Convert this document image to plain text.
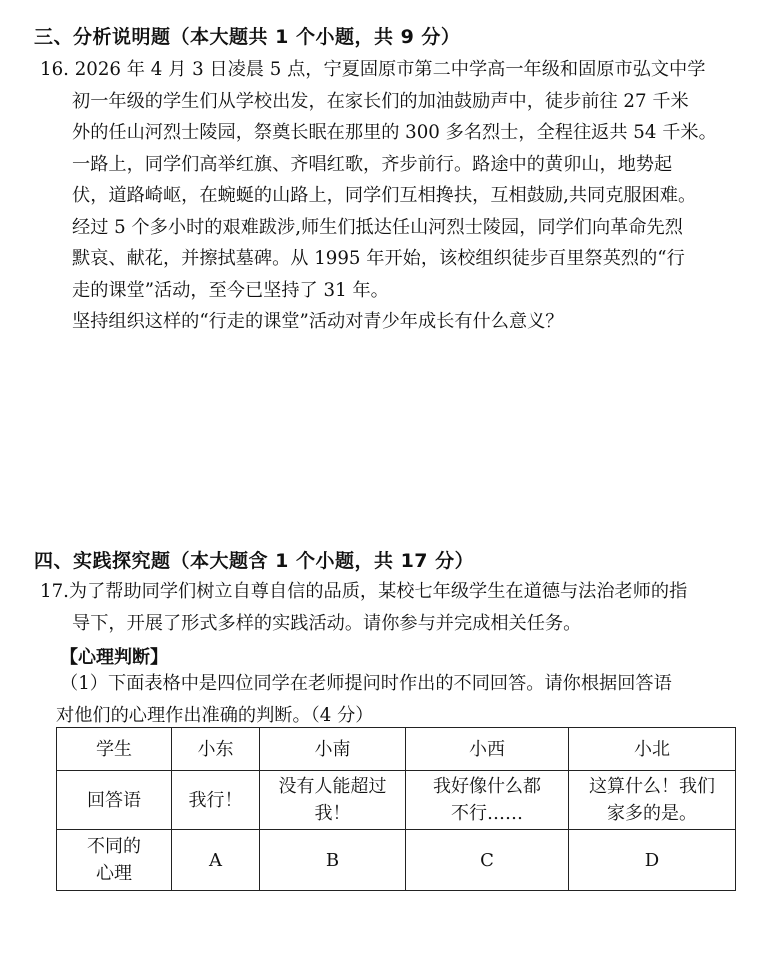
三、分析说明题（本大题共 1 个小题，共 9 分）

16. 2026 年 4 月 3 日凌晨 5 点，宁夏固原市第二中学高一年级和固原市弘文中学

初一年级的学生们从学校出发，在家长们的加油鼓励声中，徒步前往 27 千米

外的任山河烈士陵园，祭奠长眠在那里的 300 多名烈士，全程往返共 54 千米。

一路上，同学们高举红旗、齐唱红歌，齐步前行。路途中的黄卯山，地势起

伏，道路崎岖，在蜿蜒的山路上，同学们互相搀扶，互相鼓励,共同克服困难。

经过 5 个多小时的艰难跋涉,师生们抵达任山河烈士陵园，同学们向革命先烈

默哀、献花，并擦拭墓碑。从 1995 年开始，该校组织徒步百里祭英烈的“行

走的课堂”活动，至今已坚持了 31 年。

坚持组织这样的“行走的课堂”活动对青少年成长有什么意义？

四、实践探究题（本大题含 1 个小题，共 17 分）

17.为了帮助同学们树立自尊自信的品质，某校七年级学生在道德与法治老师的指

导下，开展了形式多样的实践活动。请你参与并完成相关任务。

【心理判断】

（1）下面表格中是四位同学在老师提问时作出的不同回答。请你根据回答语

对他们的心理作出准确的判断。（4 分）

学生	小东	小南	小西	小北
回答语	我行！	没有人能超过我！	我好像什么都不行……	这算什么！我们家多的是。

不同的心理	A	B	C	D
